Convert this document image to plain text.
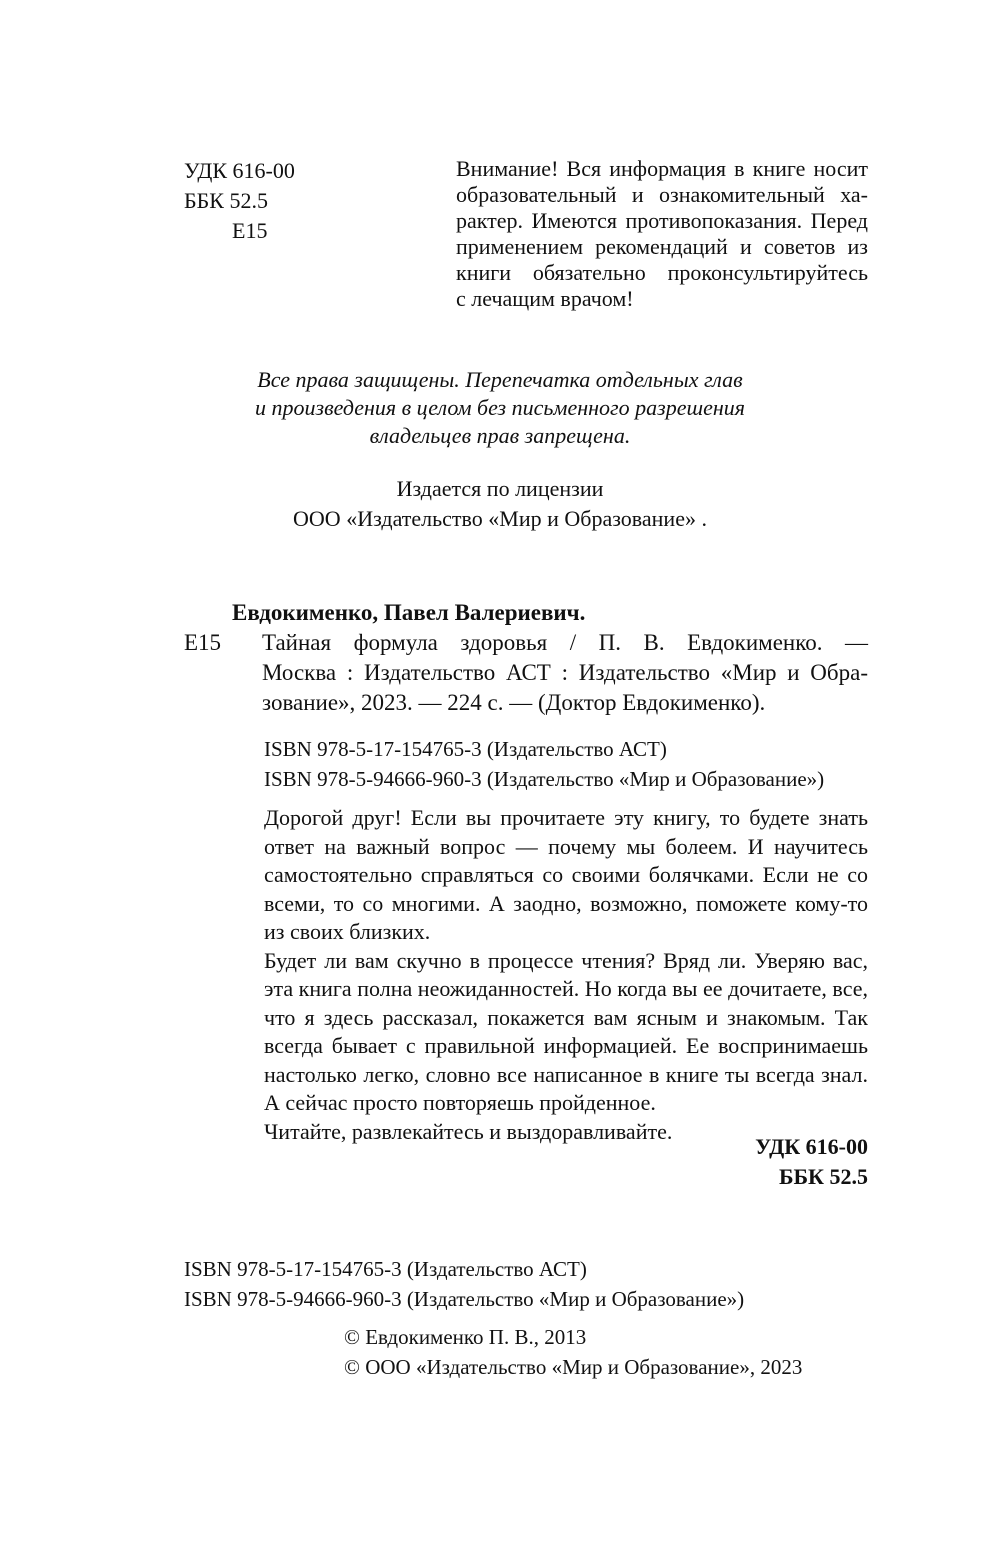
УДК 616-00
ББК 52.5
Е15
Внимание! Вся информация в книге носит
образовательный и ознакомительный ха-
рактер. Имеются противопоказания. Перед
применением рекомендаций и советов из
книги обязательно проконсультируйтесь
с лечащим врачом!
Все права защищены. Перепечатка отдельных глав
и произведения в целом без письменного разрешения
владельцев прав запрещена.
Издается по лицензии
ООО «Издательство «Мир и Образование» .
Евдокименко, Павел Валериевич.
Е15	Тайная формула здоровья / П. В. Евдокименко. —
Москва : Издательство АСТ : Издательство «Мир и Обра-
зование», 2023. — 224 с. — (Доктор Евдокименко).
ISBN 978-5-17-154765-3 (Издательство АСТ)
ISBN 978-5-94666-960-3 (Издательство «Мир и Образование»)
Дорогой друг! Если вы прочитаете эту книгу, то будете знать
ответ на важный вопрос — почему мы болеем. И научитесь
самостоятельно справляться со своими болячками. Если не со
всеми, то со многими. А заодно, возможно, поможете кому-то
из своих близких.
Будет ли вам скучно в процессе чтения? Вряд ли. Уверяю вас,
эта книга полна неожиданностей. Но когда вы ее дочитаете, все,
что я здесь рассказал, покажется вам ясным и знакомым. Так
всегда бывает с правильной информацией. Ее воспринимаешь
настолько легко, словно все написанное в книге ты всегда знал.
А сейчас просто повторяешь пройденное.
Читайте, развлекайтесь и выздоравливайте.
УДК 616-00
ББК 52.5
ISBN 978-5-17-154765-3 (Издательство АСТ)
ISBN 978-5-94666-960-3 (Издательство «Мир и Образование»)
© Евдокименко П. В., 2013
© ООО «Издательство «Мир и Образование», 2023
